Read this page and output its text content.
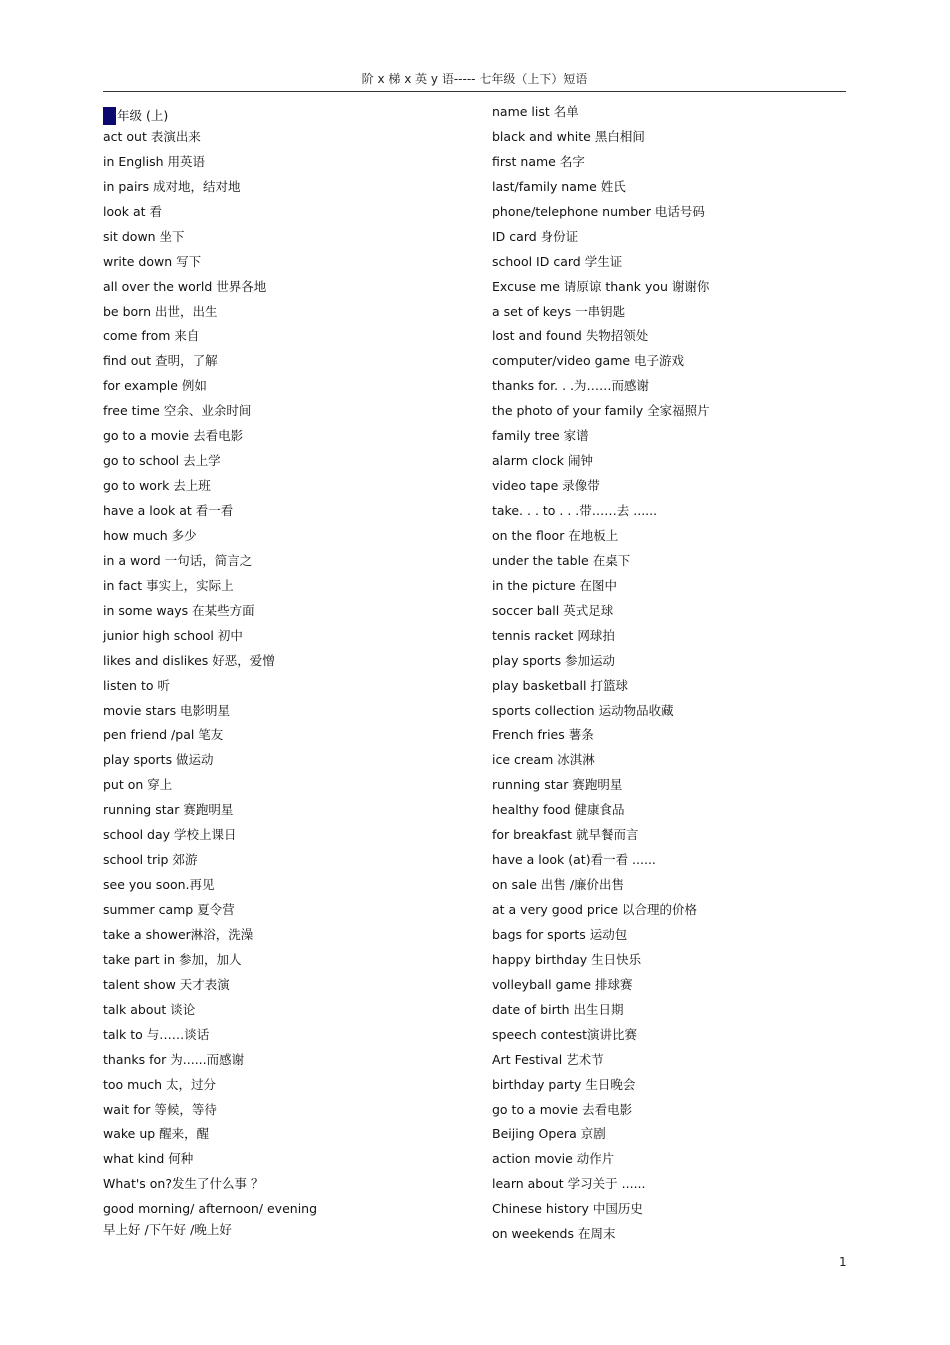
阶 x 梯 x 英 y 语----- 七年级（上下）短语
年级 (上)
act out 表演出来
in English 用英语
in pairs 成对地，结对地
look at 看
sit down 坐下
write down 写下
all over the world 世界各地
be born 出世，出生
come from 来自
find out 查明，了解
for example 例如
free time 空余、业余时间
go to a movie 去看电影
go to school 去上学
go to work 去上班
have a look at 看一看
how much 多少
in a word 一句话，简言之
in fact 事实上，实际上
in some ways 在某些方面
junior high school 初中
likes and dislikes 好恶，爱憎
listen to 听
movie stars 电影明星
pen friend /pal 笔友
play sports 做运动
put on 穿上
running star 赛跑明星
school day 学校上课日
school trip 郊游
see you soon.再见
summer camp 夏令营
take a shower淋浴，洗澡
take part in 参加，加人
talent show 天才表演
talk about 谈论
talk to 与……谈话
thanks for 为......而感谢
too much 太，过分
wait for 等候，等待
wake up 醒来，醒
what kind 何种
What's on?发生了什么事 ？
good morning/ afternoon/ evening
早上好 /下午好 /晚上好
name list 名单
black and white 黑白相间
first name 名字
last/family name 姓氏
phone/telephone number 电话号码
ID card 身份证
school ID card 学生证
Excuse me 请原谅 thank you 谢谢你
a set of keys 一串钥匙
lost and found 失物招领处
computer/video game 电子游戏
thanks for. . .为……而感谢
the photo of your family 全家福照片
family tree 家谱
alarm clock 闹钟
video tape 录像带
take. . . to . . .带……去 ......
on the floor 在地板上
under the table 在桌下
in the picture 在图中
soccer ball 英式足球
tennis racket 网球拍
play sports 参加运动
play basketball 打篮球
sports collection 运动物品收藏
French fries 薯条
ice cream 冰淇淋
running star 赛跑明星
healthy food 健康食品
for breakfast 就早餐而言
have a look (at)看一看 ......
on sale 出售 /廉价出售
at a very good price 以合理的价格
bags for sports 运动包
happy birthday 生日快乐
volleyball game 排球赛
date of birth 出生日期
speech contest演讲比赛
Art Festival 艺术节
birthday party 生日晚会
go to a movie 去看电影
Beijing Opera 京剧
action movie 动作片
learn about 学习关于 ......
Chinese history 中国历史
on weekends 在周末
1
